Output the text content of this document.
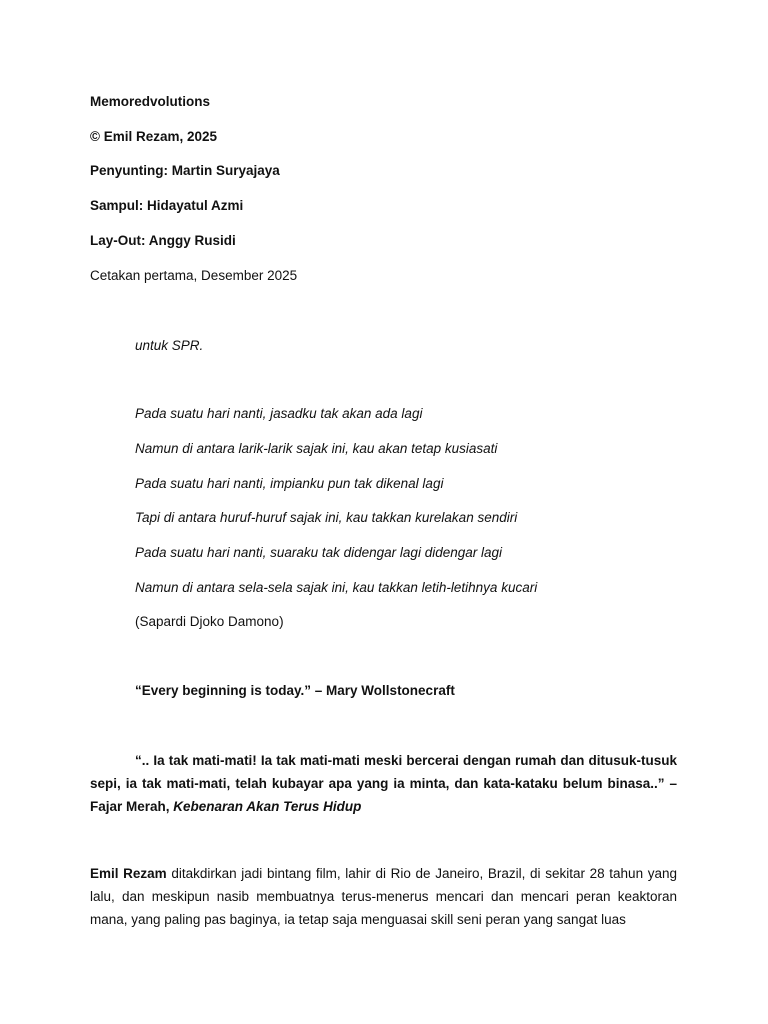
Memoredvolutions
© Emil Rezam, 2025
Penyunting: Martin Suryajaya
Sampul: Hidayatul Azmi
Lay-Out: Anggy Rusidi
Cetakan pertama, Desember 2025
untuk SPR.
Pada suatu hari nanti, jasadku tak akan ada lagi
Namun di antara larik-larik sajak ini, kau akan tetap kusiasati
Pada suatu hari nanti, impianku pun tak dikenal lagi
Tapi di antara huruf-huruf sajak ini, kau takkan kurelakan sendiri
Pada suatu hari nanti, suaraku tak didengar lagi didengar lagi
Namun di antara sela-sela sajak ini, kau takkan letih-letihnya kucari
(Sapardi Djoko Damono)
“Every beginning is today.” – Mary Wollstonecraft
“.. Ia tak mati-mati! Ia tak mati-mati meski bercerai dengan rumah dan ditusuk-tusuk sepi, ia tak mati-mati, telah kubayar apa yang ia minta, dan kata-kataku belum binasa..” – Fajar Merah, Kebenaran Akan Terus Hidup
Emil Rezam ditakdirkan jadi bintang film, lahir di Rio de Janeiro, Brazil, di sekitar 28 tahun yang lalu, dan meskipun nasib membuatnya terus-menerus mencari dan mencari peran keaktoran mana, yang paling pas baginya, ia tetap saja menguasai skill seni peran yang sangat luas
